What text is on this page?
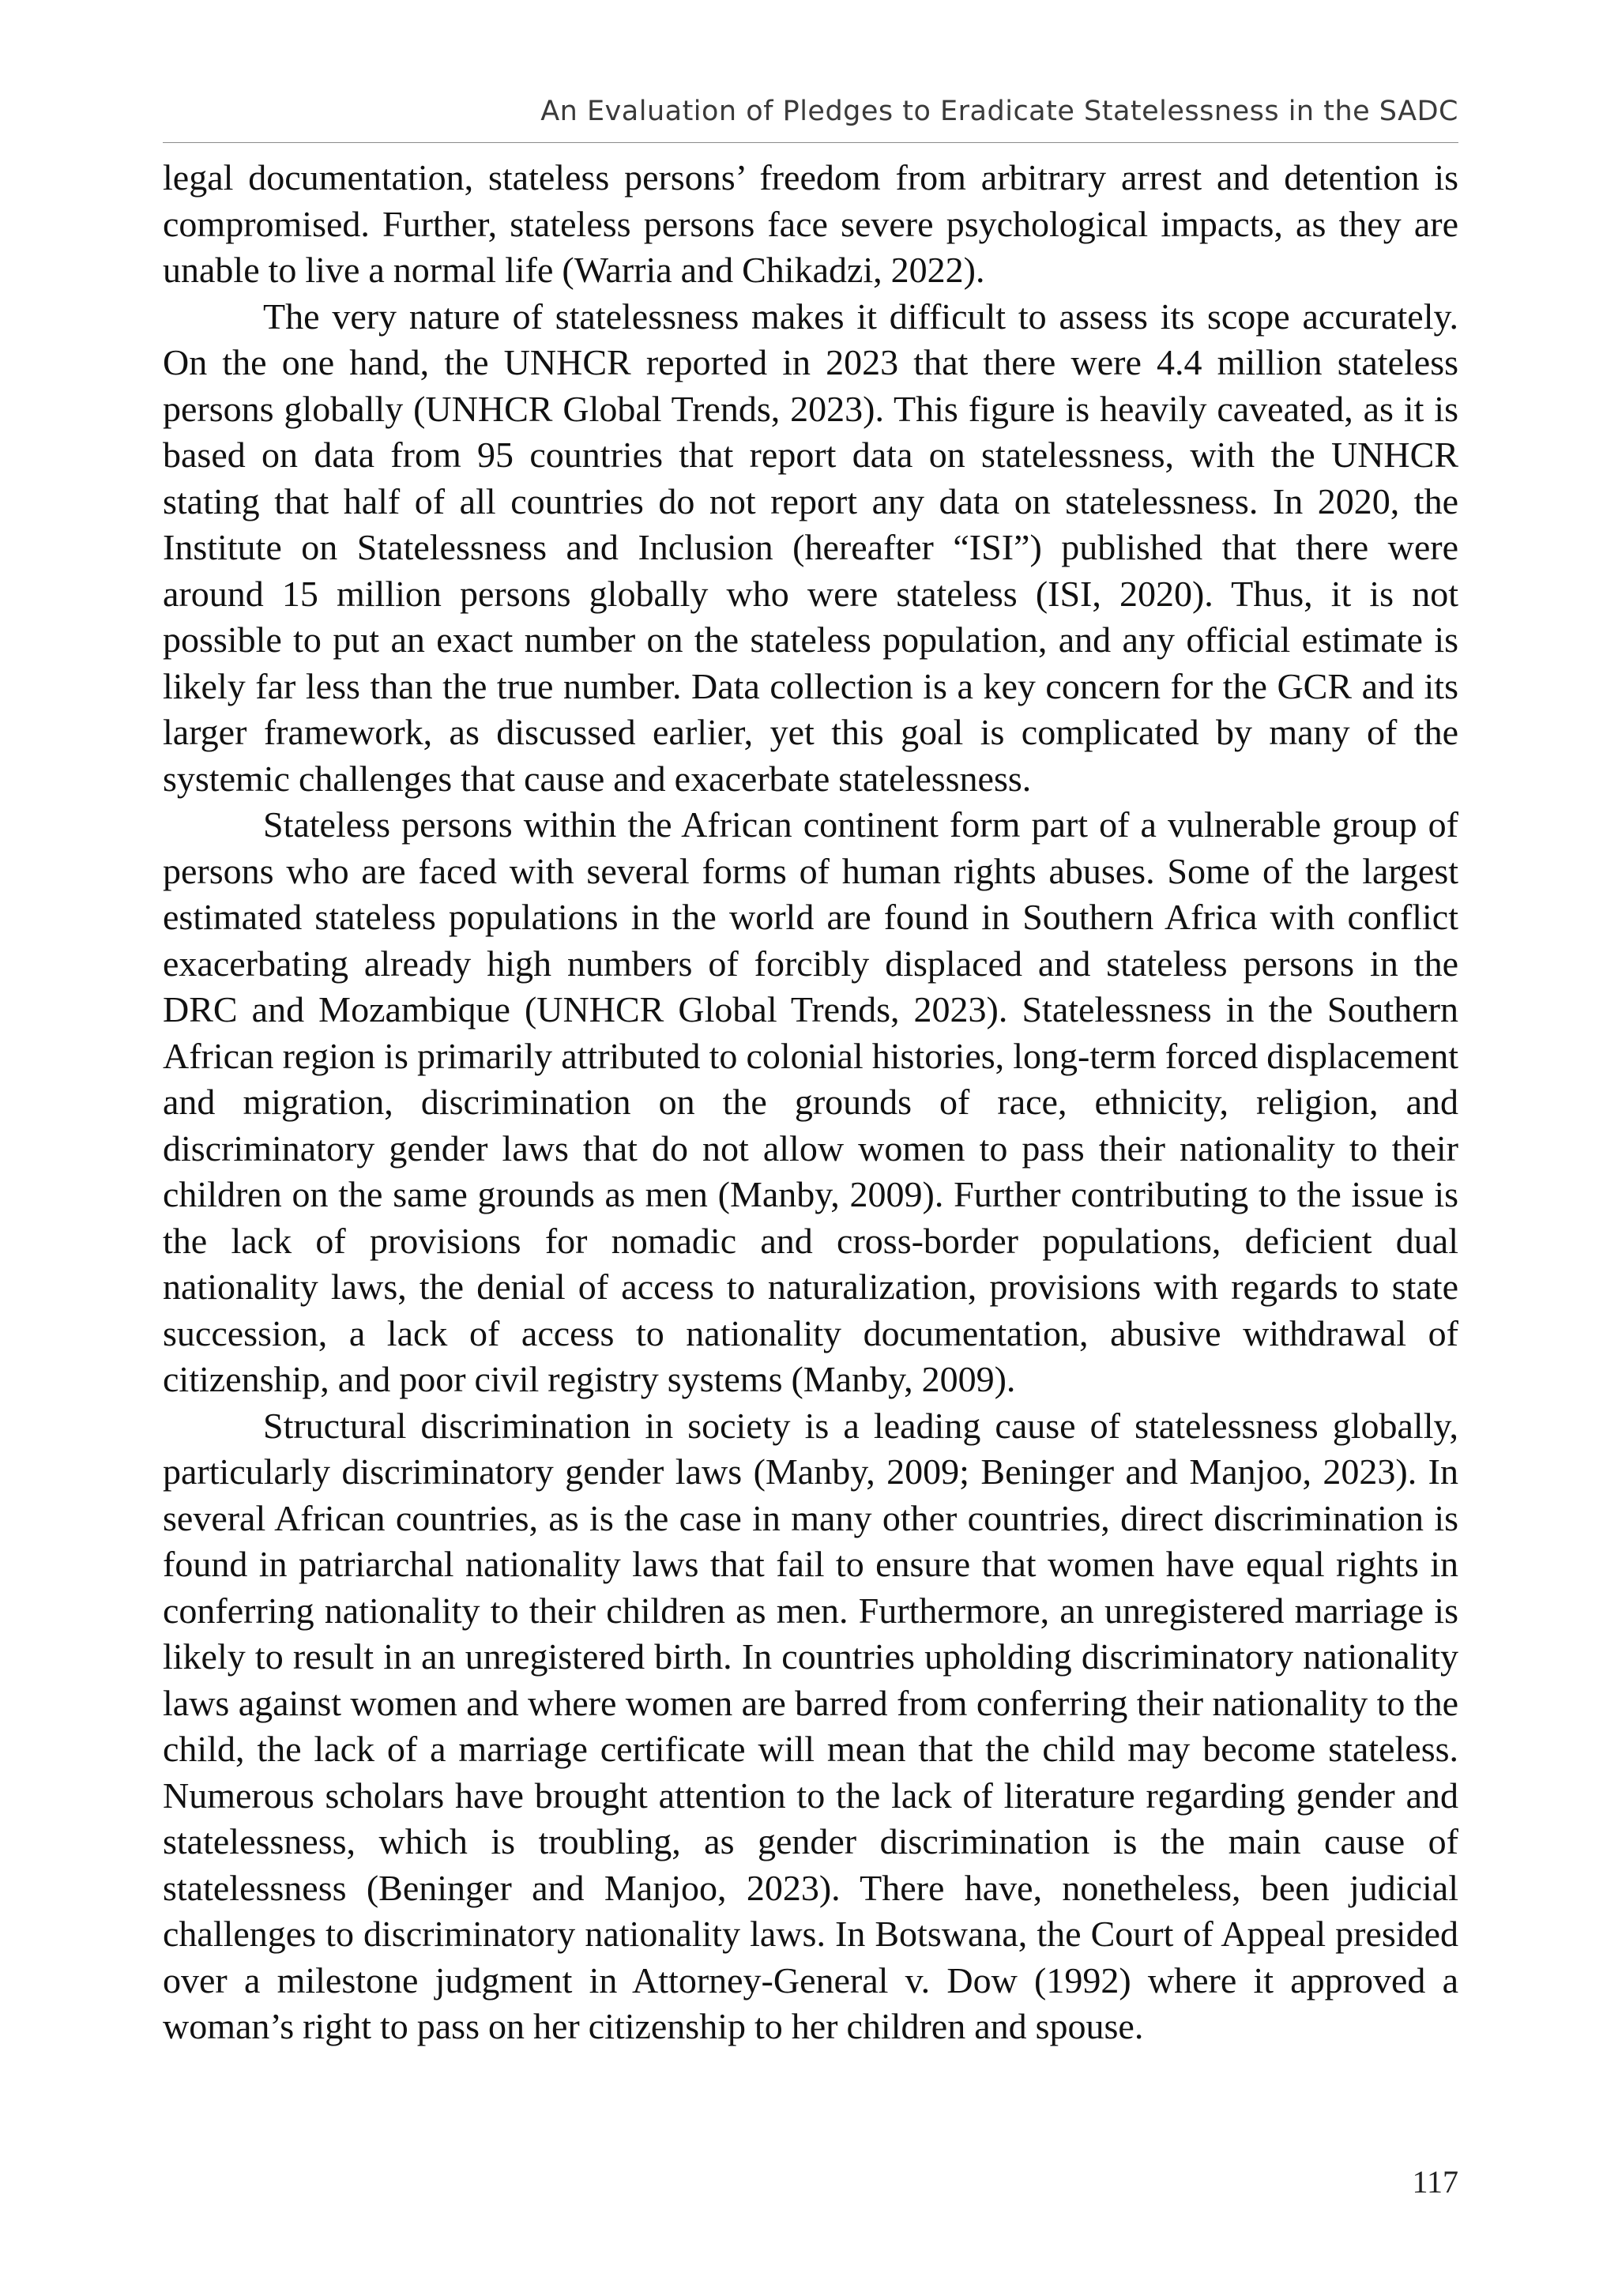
An Evaluation of Pledges to Eradicate Statelessness in the SADC

legal documentation, stateless persons’ freedom from arbitrary arrest and detention is compromised. Further, stateless persons face severe psychological impacts, as they are unable to live a normal life (Warria and Chikadzi, 2022).

The very nature of statelessness makes it difficult to assess its scope accurately. On the one hand, the UNHCR reported in 2023 that there were 4.4 million stateless persons globally (UNHCR Global Trends, 2023). This figure is heavily caveated, as it is based on data from 95 countries that report data on statelessness, with the UNHCR stating that half of all countries do not report any data on statelessness. In 2020, the Institute on Statelessness and Inclusion (hereafter “ISI”) published that there were around 15 million persons globally who were stateless (ISI, 2020). Thus, it is not possible to put an exact number on the stateless population, and any official estimate is likely far less than the true number. Data collection is a key concern for the GCR and its larger framework, as discussed earlier, yet this goal is complicated by many of the systemic challenges that cause and exacerbate statelessness.

Stateless persons within the African continent form part of a vulnerable group of persons who are faced with several forms of human rights abuses. Some of the largest estimated stateless populations in the world are found in Southern Africa with conflict exacerbating already high numbers of forcibly displaced and stateless persons in the DRC and Mozambique (UNHCR Global Trends, 2023). Statelessness in the Southern African region is primarily attributed to colonial histories, long-term forced displacement and migration, discrimination on the grounds of race, ethnicity, religion, and discriminatory gender laws that do not allow women to pass their nationality to their children on the same grounds as men (Manby, 2009). Further contributing to the issue is the lack of provisions for nomadic and cross-border populations, deficient dual nationality laws, the denial of access to naturalization, provisions with regards to state succession, a lack of access to nationality documentation, abusive withdrawal of citizenship, and poor civil registry systems (Manby, 2009).

Structural discrimination in society is a leading cause of statelessness globally, particularly discriminatory gender laws (Manby, 2009; Beninger and Manjoo, 2023). In several African countries, as is the case in many other countries, direct discrimination is found in patriarchal nationality laws that fail to ensure that women have equal rights in conferring nationality to their children as men. Furthermore, an unregistered marriage is likely to result in an unregistered birth. In countries upholding discriminatory nationality laws against women and where women are barred from conferring their nationality to the child, the lack of a marriage certificate will mean that the child may become stateless. Numerous scholars have brought attention to the lack of literature regarding gender and statelessness, which is troubling, as gender discrimination is the main cause of statelessness (Beninger and Manjoo, 2023). There have, nonetheless, been judicial challenges to discriminatory nationality laws. In Botswana, the Court of Appeal presided over a milestone judgment in Attorney-General v. Dow (1992) where it approved a woman’s right to pass on her citizenship to her children and spouse.

117
